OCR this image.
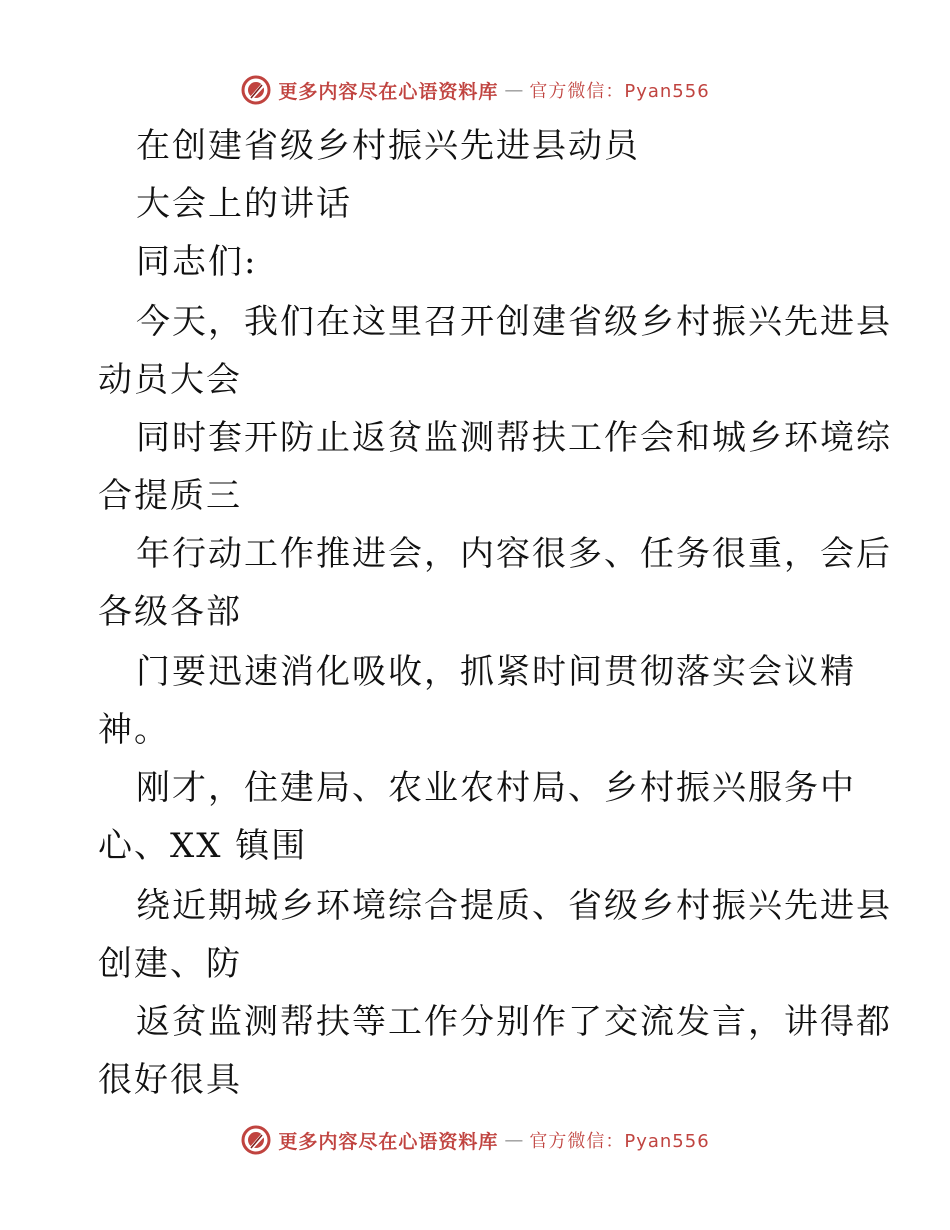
更多内容尽在心语资料库 — 官方微信：Pyan556
在创建省级乡村振兴先进县动员
大会上的讲话
同志们:
今天，我们在这里召开创建省级乡村振兴先进县
动员大会
同时套开防止返贫监测帮扶工作会和城乡环境综
合提质三
年行动工作推进会，内容很多、任务很重，会后
各级各部
门要迅速消化吸收，抓紧时间贯彻落实会议精
神。
刚才，住建局、农业农村局、乡村振兴服务中
心、XX 镇围
绕近期城乡环境综合提质、省级乡村振兴先进县
创建、防
返贫监测帮扶等工作分别作了交流发言，讲得都
很好很具
更多内容尽在心语资料库 — 官方微信：Pyan556
